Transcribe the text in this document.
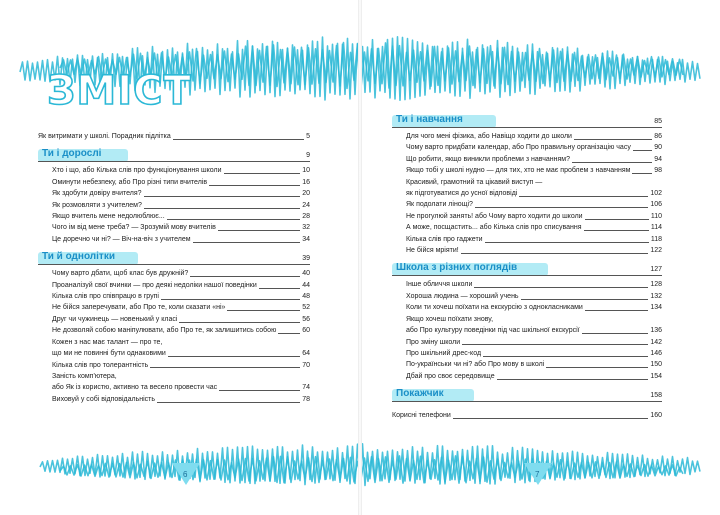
ЗМІСТ
Як витримати у школі. Порадник підлітка	5
Ти і дорослі	9
Хто і що, або Кілька слів про функціонування школи	10
Оминути небезпеку, або Про різні типи вчителів	16
Як здобути довіру вчителя?	20
Як розмовляти з учителем?	24
Якщо вчитель мене недолюблює...	28
Чого ім від мене треба? — Зрозумій мову вчителів	32
Це доречно чи ні? — Віч-на-віч з учителем	34
Ти й однолітки	39
Чому варто дбати, щоб клас був дружній?	40
Проаналізуй свої вчинки — про деякі недоліки нашої поведінки	44
Кілька слів про співпрацю в групі	48
Не бійся заперечувати, або Про те, коли сказати «ні»	52
Друг чи чужинець — новенький у класі	56
Не дозволяй собою маніпулювати, або Про те, як залишитись собою	60
Кожен з нас має талант — про те,
що ми не повинні бути однаковими	64
Кілька слів про толерантність	70
Заність комп'ютера,
або Як із користю, активно та весело провести час	74
Виховуй у собі відповідальність	78
6
Ти і навчання	85
Для чого мені фізика, або Навіщо ходити до школи	86
Чому варто придбати календар, або Про правильну організацію часу	90
Що робити, якщо виникли проблеми з навчанням?	94
Якщо тобі у школі нудно — для тих, хто не має проблем з навчанням	98
Красивий, грамотний та цікавий виступ —
як підготуватися до усної відповіді	102
Як подолати лінощі?	106
Не прогулюй занять! або Чому варто ходити до школи	110
А може, посщастить... або Кілька слів про списування	114
Кілька слів про гаджети	118
Не бійся мріяти!	122
Школа з різних поглядів	127
Інше обличчя школи	128
Хороша людина — хороший учень	132
Коли ти хочеш поїхати на екскурсію з однокласниками	134
Якщо хочеш поїхати знову,
або Про культуру поведінки під час шкільної екскурсії	136
Про зміну школи	142
Про шкільний дрес-код	146
По-українськи чи ні? або Про мову в школі	150
Дбай про своє середовище	154
Покажчик	158
Корисні телефони	160
7
